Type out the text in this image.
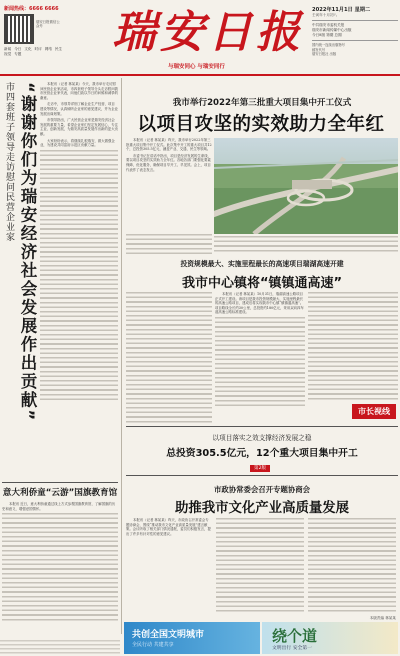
新闻热线：6666 6666
瑞安日报微信公众号
新闻 今日 文化 时评 网络 民生
视觉 专题 瑞安日报
与瑞安同心 与瑞安同行
2022年11月1日 星期二
壬寅年十月初八
中共瑞安市委机关报
瑞安市新闻传媒中心出版
今日8版 第期 总期
国内统一连续出版物号
邮发代号
瑞安日报社 出版
市四套班子领导走访慰问民营企业家 “谢谢你们为瑞安经济社会发展作出贡献”	本报讯（记者 林某某）今天，我市举行走访慰问民营企业家活动，市四套班子领导分头走访慰问我市民营企业家代表，向他们致以节日的问候和诚挚的谢意。

走访中，市领导详细了解企业生产经营、项目建设等情况，认真倾听企业家的意见建议，并为企业发展出谋划策。

市领导指出，广大民营企业家是瑞安经济社会发展的重要力量，希望企业家们坚定发展信心，专注主业、创新发展，为瑞安高质量发展作出新的更大贡献。

大家纷纷表示，将继续扎根瑞安，做大做强企业，为建设共同富裕示范区贡献力量。

意大利侨童“云游”国旗教育馆

本报讯 近日，意大利侨童通过线上方式参观国旗教育馆，了解国旗的历史和意义，增强爱国情怀。

我市举行2022年第三批重大项目集中开工仪式
以项目攻坚的实效助力全年红

本报讯（记者 林某某）昨天，我市举行2022年第三批重大项目集中开工仪式。此次集中开工的重大项目共12个，总投资305.5亿元，涵盖产业、交通、民生等领域。

市委书记在讲话中指出，项目是经济发展的生命线，要以项目攻坚的实效助力全年红。各地各部门要强化要素保障，优化服务，确保项目早开工、早见效。会上，项目代表作了表态发言。

投资规模最大、实施里程最长的高速项目瑞湖高速开建
我市中心镇将“镇镇通高速”

本报讯（记者 林某某）10月31日，瑞湖高速公路项目正式开工建设。该项目是我市投资规模最大、实施里程最长的高速公路项目，建成后将实现我市中心镇“镇镇通高速”。项目路线全长约30公里，总投资约180亿元，采用双向四车道高速公路标准建设。

市长视线
以项目落实之效支撑经济发展之稳
总投资305.5亿元，12个重大项目集中开工
第2版
市政协常委会召开专题协商会
助推我市文化产业高质量发展

本报讯（记者 林某某）昨天，市政协召开常委会专题协商会，围绕“推动我市文化产业高质量发展”建言献策。会议听取了相关部门情况通报，委员们积极发言，提出了许多有针对性的意见建议。

本版责编 林某某
共创全国文明城市
全民行动 共建共享	绕个道
文明出行 安全第一
